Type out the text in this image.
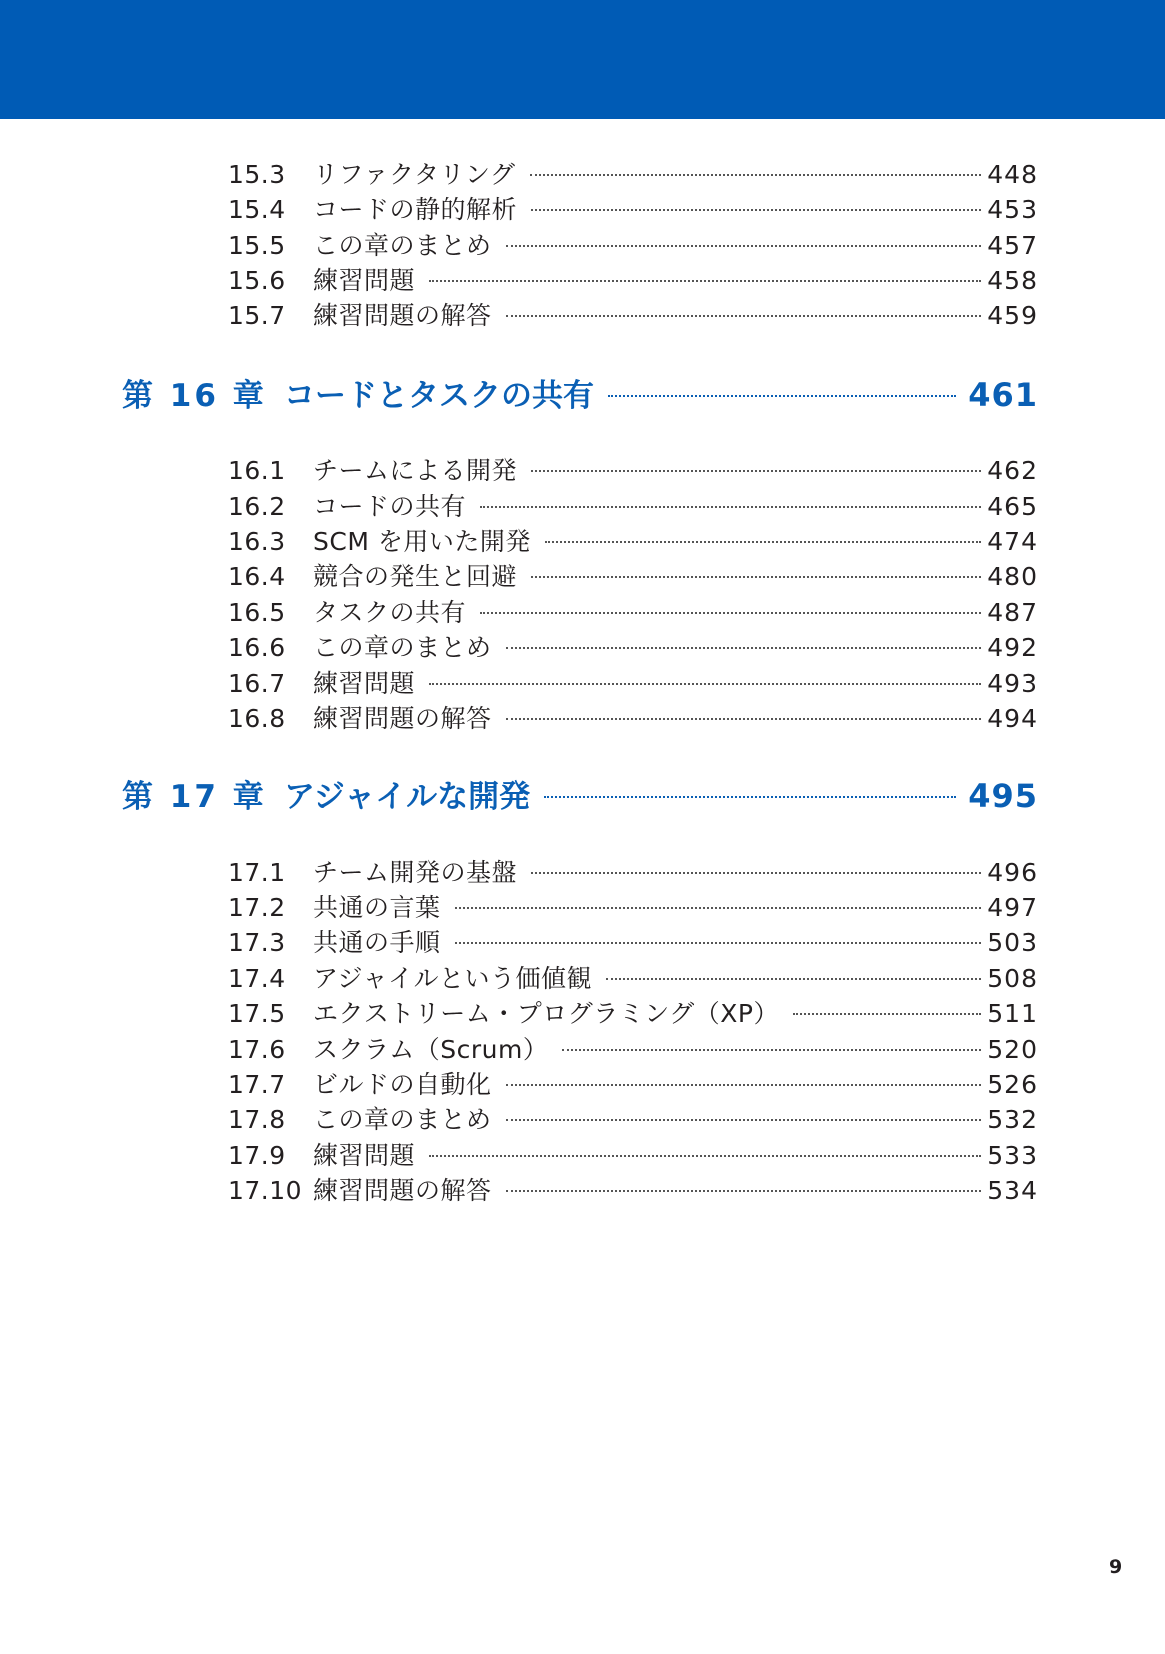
15.3	リファクタリング	448
15.4	コードの静的解析	453
15.5	この章のまとめ	457
15.6	練習問題	458
15.7	練習問題の解答	459
第 16 章 コードとタスクの共有	461
16.1	チームによる開発	462
16.2	コードの共有	465
16.3	SCM を用いた開発	474
16.4	競合の発生と回避	480
16.5	タスクの共有	487
16.6	この章のまとめ	492
16.7	練習問題	493
16.8	練習問題の解答	494
第 17 章 アジャイルな開発	495
17.1	チーム開発の基盤	496
17.2	共通の言葉	497
17.3	共通の手順	503
17.4	アジャイルという価値観	508
17.5	エクストリーム・プログラミング（XP）	511
17.6	スクラム（Scrum）	520
17.7	ビルドの自動化	526
17.8	この章のまとめ	532
17.9	練習問題	533
17.10 練習問題の解答	534
9
